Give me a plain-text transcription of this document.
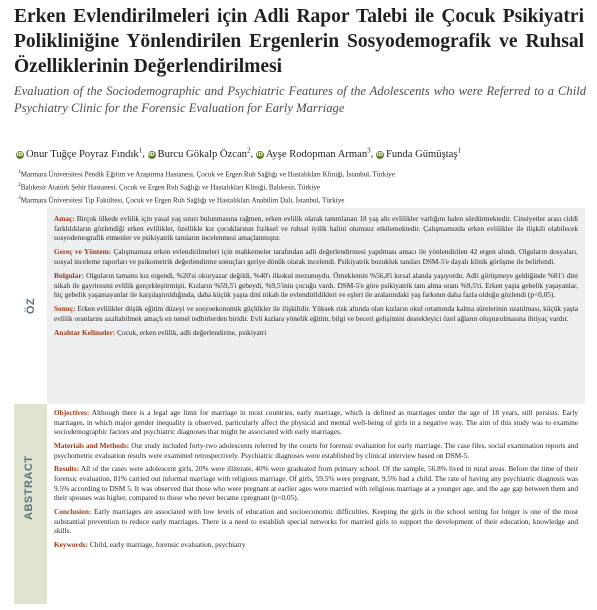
Erken Evlendirilmeleri için Adli Rapor Talebi ile Çocuk Psikiyatri Polikliniğine Yönlendirilen Ergenlerin Sosyodemografik ve Ruhsal Özelliklerinin Değerlendirilmesi
Evaluation of the Sociodemographic and Psychiatric Features of the Adolescents who were Referred to a Child Psychiatry Clinic for the Forensic Evaluation for Early Marriage
iD Onur Tuğçe Poyraz Fındık$^1$, iD Burcu Gökalp Özcan$^2$, iD Ayşe Rodopman Arman$^3$, iD Funda Gümüştaş$^1$
$^1$Marmara Üniversitesi Pendik Eğitim ve Araştırma Hastanesi, Çocuk ve Ergen Ruh Sağlığı ve Hastalıkları Kliniği, İstanbul, Türkiye
$^2$Balıkesir Atatürk Şehir Hastanesi, Çocuk ve Ergen Ruh Sağlığı ve Hastalıkları Kliniği, Balıkesir, Türkiye
$^3$Marmara Üniversitesi Tıp Fakültesi, Çocuk ve Ergen Ruh Sağlığı ve Hastalıkları Anabilim Dalı, İstanbul, Türkiye
ÖZ

Amaç: Birçok ülkede evlilik için yasal yaş sınırı bulunmasına rağmen, erken evlilik olarak tanımlanan 18 yaş altı evlilikler varlığını halen sürdürmektedir. Cinsiyetler arası ciddi farklılıkların gözlendiği erken evlilikler, özellikle kız çocuklarının fiziksel ve ruhsal iyilik halini olumsuz etkilemektedir. Çalışmamızda erken evlilikler ile ilişkili olabilecek sosyodemografik etmenler ve psikiyatrik tanıların incelenmesi amaçlanmıştır.

Gereç ve Yöntem: Çalışmamıza erken evlendirilmeleri için mahkemeler tarafından adli değerlendirmesi yapılması amacı ile yönlendirilen 42 ergen alındı. Olguların dosyaları, sosyal inceleme raporları ve psikometrik değerlendirme sonuçları geriye dönük olarak incelendi. Psikiyatrik bozukluk tanıları DSM-5'e dayalı klinik görüşme ile belirlendi.

Bulgular: Olguların tamamı kız ergendi, %20'si okuryazar değildi, %40'ı ilkokul mezunuydu. Örneklemin %56,8'i kırsal alanda yaşıyordu. Adli görüşmeye geldiğinde %81'i dini nikah ile gayriresmi evlilik gerçekleştirmişti. Kızların %59,5'i gebeydi, %9,5'inin çocuğu vardı. DSM-5'e göre psikiyatrik tanı alma oranı %9,5'ti. Erken yaşta gebelik yaşayanlar, hiç gebelik yaşamayanlar ile karşılaştırıldığında, daha küçük yaşta dini nikah ile evlendirildikleri ve eşleri ile aralarındaki yaş farkının daha fazla olduğu gözlendi (p<0,05).

Sonuç: Erken evlilikler düşük eğitim düzeyi ve sosyoekonomik güçlükler ile ilişkilidir. Yüksek risk altında olan kızların okul ortamında kalma sürelerinin uzatılması, küçük yaşta evlilik oranlarını azaltabilmek amaçlı en temel tedbirlerden biridir. Evli kızlara yönelik eğitim, bilgi ve beceri gelişimini destekleyici özel ağların oluşturulmasına ihtiyaç vardır.

Anahtar Kelimeler: Çocuk, erken evlilik, adli değerlendirme, psikiyatri

ABSTRACT

Objectives: Although there is a legal age limit for marriage in most countries, early marriage, which is defined as marriages under the age of 18 years, still persists. Early marriages, in which major gender inequality is observed, particularly affect the physical and mental well-being of girls in a negative way. The aim of this study was to examine sociodemographic factors and psychiatric diagnoses that might be associated with early marriages.

Materials and Methods: Our study included forty-two adolescents referred by the courts for forensic evaluation for early marriage. The case files, social examination reports and psychometric evaluation results were examined retrospectively. Psychiatric diagnoses were established by clinical interview based on DSM-5.

Results: All of the cases were adolescent girls, 20% were illiterate, 40% were graduated from primary school. Of the sample, 56.8% lived in rural areas. Before the time of their forensic evaluation, 81% carried out informal marriage with religious marriage. Of girls, 59.5% were pregnant, 9.5% had a child. The rate of having any psychiatric diagnosis was 9.5% according to DSM 5. It was observed that those who were pregnant at earlier ages were married with religious marriage at a younger age, and the age gap between them and their spouses was higher, compared to those who never became cpregnant (p<0.05).

Conclusion: Early marriages are associated with low levels of education and socioeconomic difficulties. Keeping the girls in the school setting for longer is one of the most substantial prevention to reduce early marriages. There is a need to establish special networks for married girls to support the development of their education, knowledge and skills.

Keywords: Child, early marriage, forensic evaluation, psychiatry
